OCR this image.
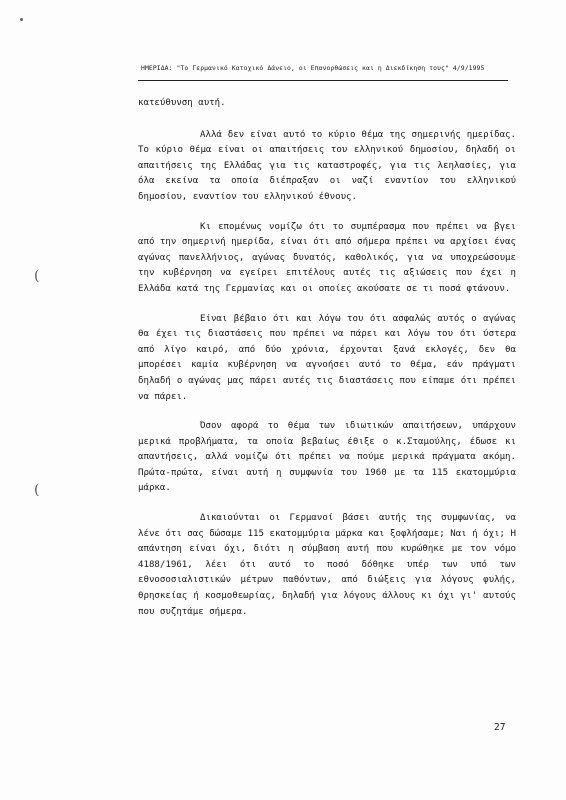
ΗΜΕΡΙΔΑ: "Το Γερμανικό Κατοχικό Δάνειο, οι Επανορθώσεις και η Διεκδίκηση τους" 4/9/1995

κατεύθυνση αυτή.

Αλλά δεν είναι αυτό το κύριο θέμα της σημερινής ημερίδας. Το κύριο θέμα είναι οι απαιτήσεις του ελληνικού δημοσίου, δηλαδή οι απαιτήσεις της Ελλάδας για τις καταστροφές, για τις λεηλασίες, για όλα εκείνα τα οποία διέπραξαν οι ναζί εναντίον του ελληνικού δημοσίου, εναντίον του ελληνικού έθνους.

Κι επομένως νομίζω ότι το συμπέρασμα που πρέπει να βγει από την σημερινή ημερίδα, είναι ότι από σήμερα πρέπει να αρχίσει ένας αγώνας πανελλήνιος, αγώνας δυνατός, καθολικός, για να υποχρεώσουμε την κυβέρνηση να εγείρει επιτέλους αυτές τις αξιώσεις που έχει η Ελλάδα κατά της Γερμανίας και οι οποίες ακούσατε σε τι ποσά φτάνουν.

Είναι βέβαιο ότι και λόγω του ότι ασφαλώς αυτός ο αγώνας θα έχει τις διαστάσεις που πρέπει να πάρει και λόγω του ότι ύστερα από λίγο καιρό, από δύο χρόνια, έρχονται ξανά εκλογές, δεν θα μπορέσει καμία κυβέρνηση να αγνοήσει αυτό το θέμα, εάν πράγματι δηλαδή ο αγώνας μας πάρει αυτές τις διαστάσεις που είπαμε ότι πρέπει να πάρει.

Όσον αφορά το θέμα των ιδιωτικών απαιτήσεων, υπάρχουν μερικά προβλήματα, τα οποία βεβαίως έθιξε ο κ.Σταμούλης, έδωσε κι απαντήσεις, αλλά νομίζω ότι πρέπει να πούμε μερικά πράγματα ακόμη. Πρώτα-πρώτα, είναι αυτή η συμφωνία του 1960 με τα 115 εκατομμύρια μάρκα.

Δικαιούνται οι Γερμανοί βάσει αυτής της συμφωνίας, να λένε ότι σας δώσαμε 115 εκατομμύρια μάρκα και ξοφλήσαμε; Ναι ή όχι; Η απάντηση είναι όχι, διότι η σύμβαση αυτή που κυρώθηκε με τον νόμο 4188/1961, λέει ότι αυτό το ποσό δόθηκε υπέρ των υπό των εθνοσοσιαλιστικών μέτρων παθόντων, από διώξεις για λόγους φυλής, θρησκείας ή κοσμοθεωρίας, δηλαδή για λόγους άλλους κι όχι γι' αυτούς που συζητάμε σήμερα.

27
(
(
